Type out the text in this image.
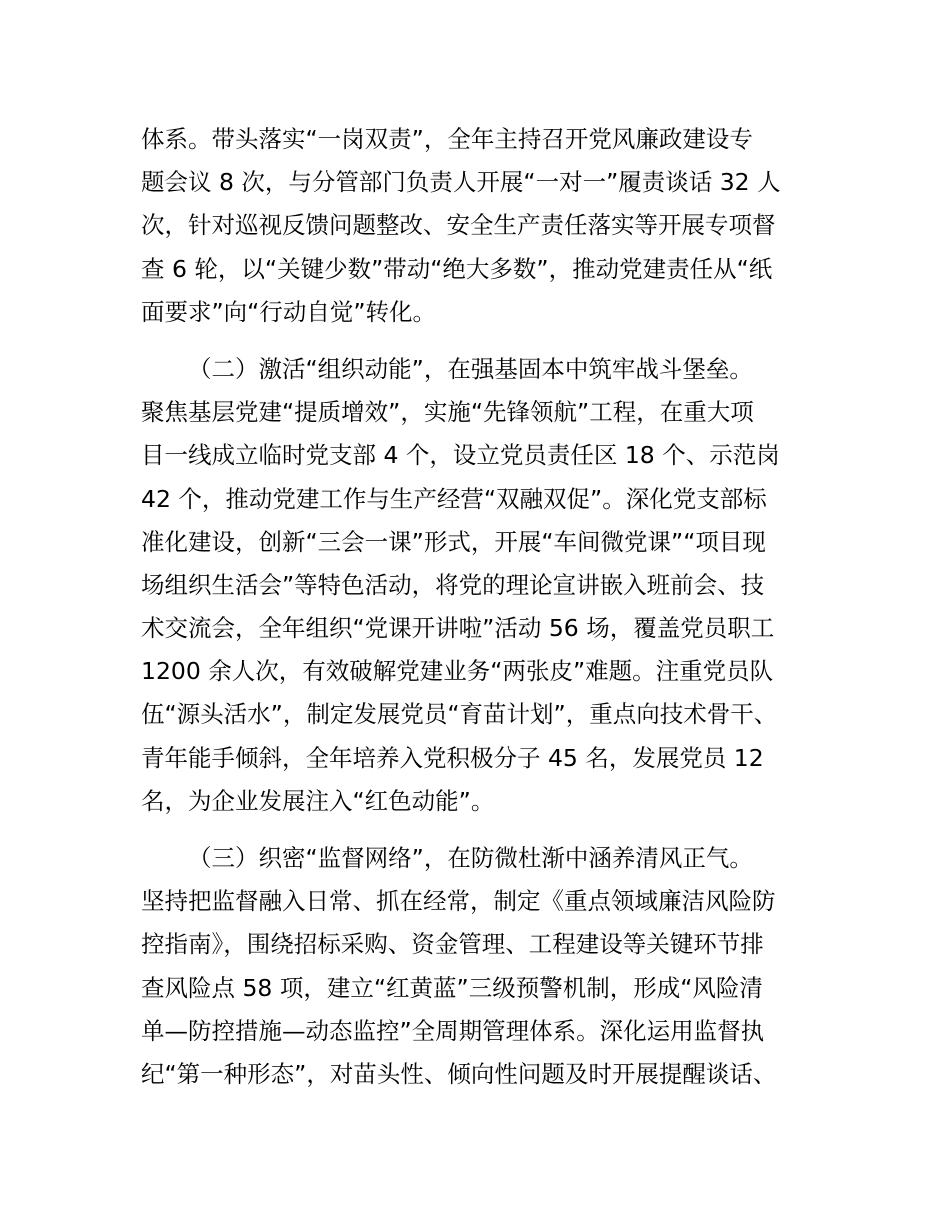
体系。带头落实“一岗双责”，全年主持召开党风廉政建设专
题会议 8 次，与分管部门负责人开展“一对一”履责谈话 32 人
次，针对巡视反馈问题整改、安全生产责任落实等开展专项督
查 6 轮，以“关键少数”带动“绝大多数”，推动党建责任从“纸
面要求”向“行动自觉”转化。
（二）激活“组织动能”，在强基固本中筑牢战斗堡垒。
聚焦基层党建“提质增效”，实施“先锋领航”工程，在重大项
目一线成立临时党支部 4 个，设立党员责任区 18 个、示范岗
42 个，推动党建工作与生产经营“双融双促”。深化党支部标
准化建设，创新“三会一课”形式，开展“车间微党课”“项目现
场组织生活会”等特色活动，将党的理论宣讲嵌入班前会、技
术交流会，全年组织“党课开讲啦”活动 56 场，覆盖党员职工
1200 余人次，有效破解党建业务“两张皮”难题。注重党员队
伍“源头活水”，制定发展党员“育苗计划”，重点向技术骨干、
青年能手倾斜，全年培养入党积极分子 45 名，发展党员 12
名，为企业发展注入“红色动能”。
（三）织密“监督网络”，在防微杜渐中涵养清风正气。
坚持把监督融入日常、抓在经常，制定《重点领域廉洁风险防
控指南》，围绕招标采购、资金管理、工程建设等关键环节排
查风险点 58 项，建立“红黄蓝”三级预警机制，形成“风险清
单—防控措施—动态监控”全周期管理体系。深化运用监督执
纪“第一种形态”，对苗头性、倾向性问题及时开展提醒谈话、
